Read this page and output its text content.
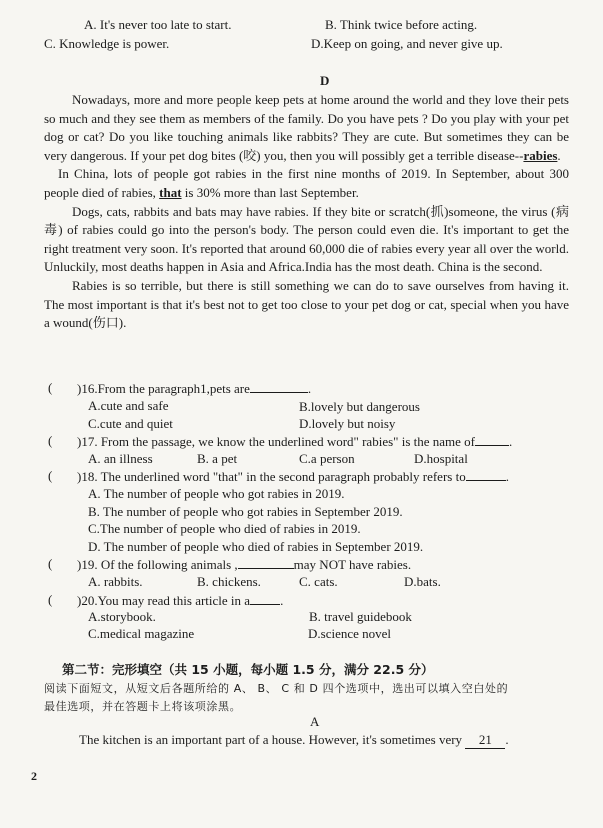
A. It's never too late to start.	B. Think twice before acting.
C. Knowledge is power.	D.Keep on going, and never give up.
D

Nowadays, more and more people keep pets at home around the world and they love their pets so much and they see them as members of the family. Do you have pets ? Do you play with your pet dog or cat? Do you like touching animals like rabbits? They are cute. But sometimes they can be very dangerous. If your pet dog bites (咬) you, then you will possibly get a terrible disease--rabies.

In China, lots of people got rabies in the first nine months of 2019. In September, about 300 people died of rabies, that is 30% more than last September.

Dogs, cats, rabbits and bats may have rabies. If they bite or scratch(抓)someone, the virus (病毒) of rabies could go into the person's body. The person could even die. It's important to get the right treatment very soon. It's reported that around 60,000 die of rabies every year all over the world. Unluckily, most deaths happen in Asia and Africa.India has the most death. China is the second.

Rabies is so terrible, but there is still something we can do to save ourselves from having it. The most important is that it's best not to get too close to your pet dog or cat, special when you have a wound(伤口).

( )16.From the paragraph1,pets are	.
A.cute and safe	B.lovely but dangerous
C.cute and quiet	D.lovely but noisy
( )17. From the passage, we know the underlined word" rabies" is the name of	.
A. an illness	B. a pet	C.a person	D.hospital
( )18. The underlined word "that" in the second paragraph probably refers to	.
A. The number of people who got rabies in 2019.
B. The number of people who got rabies in September 2019.
C.The number of people who died of rabies in 2019.
D. The number of people who died of rabies in September 2019.
( )19. Of the following animals ,	may NOT have rabies.
A. rabbits.	B. chickens.	C. cats.	D.bats.
( )20.You may read this article in a .
A.storybook.	B. travel guidebook
C.medical magazine	D.science novel
第二节：完形填空（共 15 小题，每小题 1.5 分，满分 22.5 分）
阅读下面短文，从短文后各题所给的 A、 B、 C 和 D 四个选项中，选出可以填入空白处的
最佳选项，并在答题卡上将该项涂黑。
A
The kitchen is an important part of a house. However, it's sometimes very 21 .
2
